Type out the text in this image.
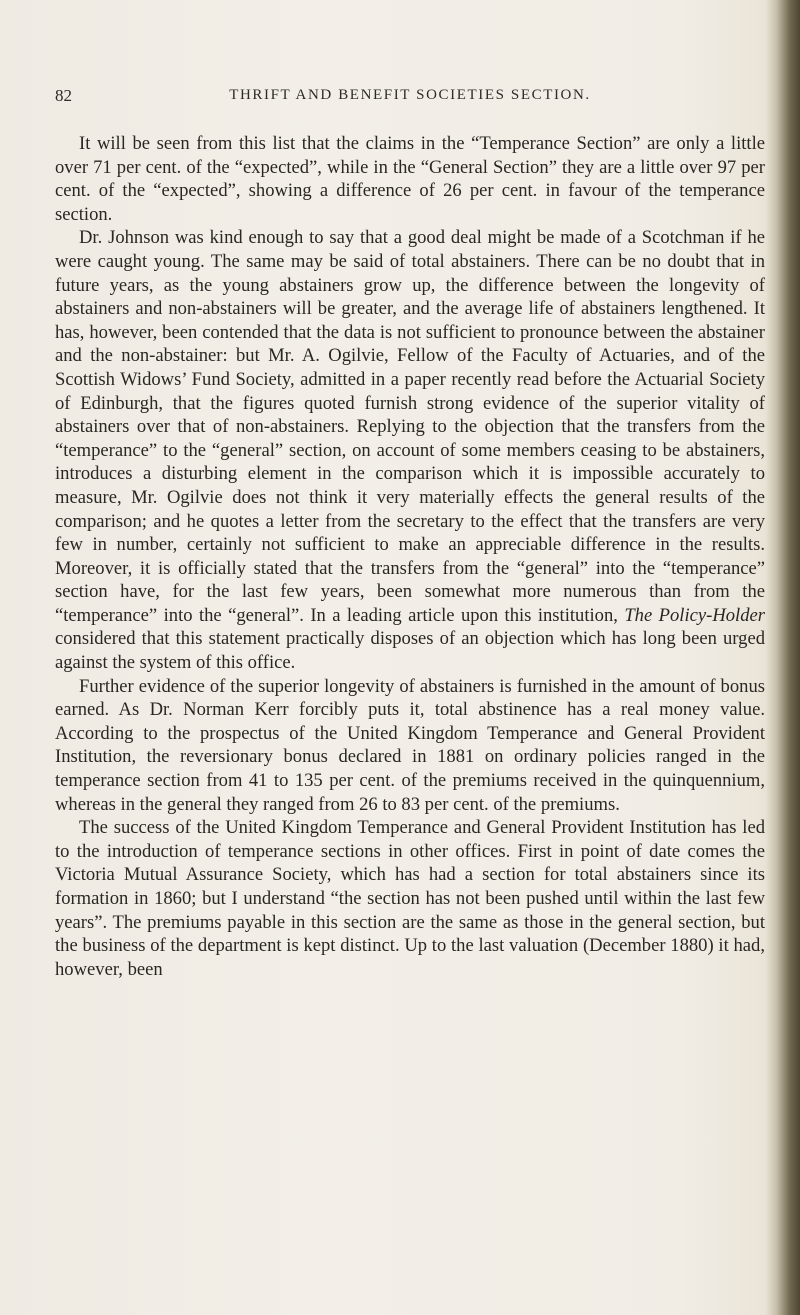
82	THRIFT AND BENEFIT SOCIETIES SECTION.

It will be seen from this list that the claims in the “Temperance Section” are only a little over 71 per cent. of the “expected”, while in the “General Section” they are a little over 97 per cent. of the “expected”, showing a difference of 26 per cent. in favour of the temperance section.

Dr. Johnson was kind enough to say that a good deal might be made of a Scotchman if he were caught young. The same may be said of total abstainers. There can be no doubt that in future years, as the young abstainers grow up, the difference between the longevity of abstainers and non-abstainers will be greater, and the average life of abstainers lengthened. It has, however, been contended that the data is not sufficient to pronounce between the abstainer and the non-abstainer: but Mr. A. Ogilvie, Fellow of the Faculty of Actuaries, and of the Scottish Widows’ Fund Society, admitted in a paper recently read before the Actuarial Society of Edinburgh, that the figures quoted furnish strong evidence of the superior vitality of abstainers over that of non-abstainers. Replying to the objection that the transfers from the “temperance” to the “general” section, on account of some members ceasing to be abstainers, introduces a disturbing element in the comparison which it is impossible accurately to measure, Mr. Ogilvie does not think it very materially effects the general results of the comparison; and he quotes a letter from the secretary to the effect that the transfers are very few in number, certainly not sufficient to make an appreciable difference in the results. Moreover, it is officially stated that the transfers from the “general” into the “temperance” section have, for the last few years, been somewhat more numerous than from the “temperance” into the “general”. In a leading article upon this institution, The Policy-Holder considered that this statement practically disposes of an objection which has long been urged against the system of this office.

Further evidence of the superior longevity of abstainers is furnished in the amount of bonus earned. As Dr. Norman Kerr forcibly puts it, total abstinence has a real money value. According to the prospectus of the United Kingdom Temperance and General Provident Institution, the reversionary bonus declared in 1881 on ordinary policies ranged in the temperance section from 41 to 135 per cent. of the premiums received in the quinquennium, whereas in the general they ranged from 26 to 83 per cent. of the premiums.

The success of the United Kingdom Temperance and General Provident Institution has led to the introduction of temperance sections in other offices. First in point of date comes the Victoria Mutual Assurance Society, which has had a section for total abstainers since its formation in 1860; but I understand “the section has not been pushed until within the last few years”. The premiums payable in this section are the same as those in the general section, but the business of the department is kept distinct. Up to the last valuation (December 1880) it had, however, been
